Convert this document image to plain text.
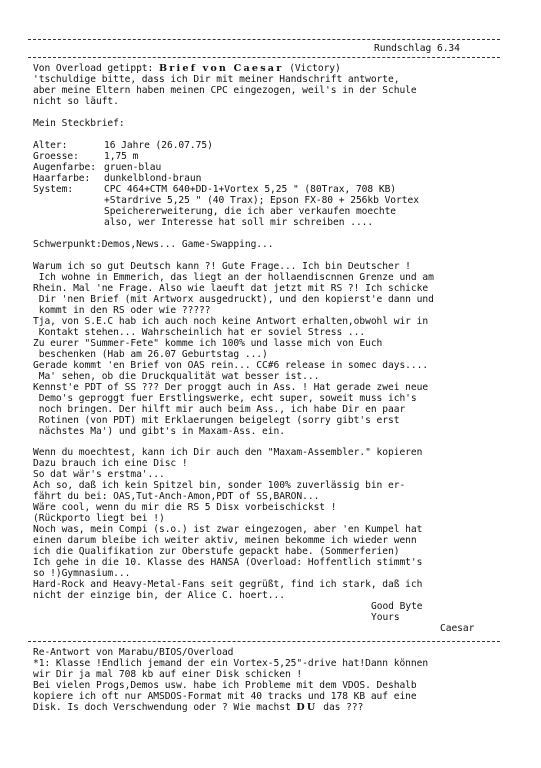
Rundschlag 6.34
Von Overload getippt: Brief von Caesar (Victory)
'tschuldige bitte, dass ich Dir mit meiner Handschrift antworte,
aber meine Eltern haben meinen CPC eingezogen, weil's in der Schule
nicht so läuft.
Mein Steckbrief:
Alter:	16 Jahre (26.07.75)
Groesse:	1,75 m
Augenfarbe: gruen-blau
Haarfarbe: dunkelblond-braun
System:	CPC 464+CTM 640+DD-1+Vortex 5,25 " (80Trax, 708 KB)
+Stardrive 5,25 " (40 Trax); Epson FX-80 + 256kb Vortex
Speichererweiterung, die ich aber verkaufen moechte
also, wer Interesse hat soll mir schreiben ....
Schwerpunkt:Demos,News... Game-Swapping...
Warum ich so gut Deutsch kann ?! Gute Frage... Ich bin Deutscher !
Ich wohne in Emmerich, das liegt an der hollaendiscnnen Grenze und am
Rhein. Mal 'ne Frage. Also wie laeuft dat jetzt mit RS ?! Ich schicke
Dir 'nen Brief (mit Artworx ausgedruckt), und den kopierst'e dann und
kommt in den RS oder wie ?????
Tja, von S.E.C hab ich auch noch keine Antwort erhalten,obwohl wir in
Kontakt stehen... Wahrscheinlich hat er soviel Stress ...
Zu eurer "Summer-Fete" komme ich 100% und lasse mich von Euch
beschenken (Hab am 26.07 Geburtstag ...)
Gerade kommt 'en Brief von OAS rein... CC#6 release in somec days....
Ma' sehen, ob die Druckqualität wat besser ist...
Kennst'e PDT of SS ??? Der proggt auch in Ass. ! Hat gerade zwei neue
Demo's geproggt fuer Erstlingswerke, echt super, soweit muss ich's
noch bringen. Der hilft mir auch beim Ass., ich habe Dir en paar
Rotinen (von PDT) mit Erklaerungen beigelegt (sorry gibt's erst
nächstes Ma') und gibt's in Maxam-Ass. ein.
Wenn du moechtest, kann ich Dir auch den "Maxam-Assembler." kopieren
Dazu brauch ich eine Disc !
So dat wär's erstma'...
Ach so, daß ich kein Spitzel bin, sonder 100% zuverlässig bin er-
fährt du bei: OAS,Tut-Anch-Amon,PDT of SS,BARON...
Wäre cool, wenn du mir die RS 5 Disx vorbeischickst !
(Rückporto liegt bei !)
Noch was, mein Compi (s.o.) ist zwar eingezogen, aber 'en Kumpel hat
einen darum bleibe ich weiter aktiv, meinen bekomme ich wieder wenn
ich die Qualifikation zur Oberstufe gepackt habe. (Sommerferien)
Ich gehe in die 10. Klasse des HANSA (Overload: Hoffentlich stimmt's
so !)Gymnasium...
Hard-Rock and Heavy-Metal-Fans seit gegrüßt, find ich stark, daß ich
nicht der einzige bin, der Alice C. hoert...
Good Byte
Yours
Caesar
Re-Antwort von Marabu/BIOS/Overload
*1: Klasse !Endlich jemand der ein Vortex-5,25"-drive hat!Dann können
wir Dir ja mal 708 kb auf einer Disk schicken !
Bei vielen Progs,Demos usw. habe ich Probleme mit dem VDOS. Deshalb
kopiere ich oft nur AMSDOS-Format mit 40 tracks und 178 KB auf eine
Disk. Is doch Verschwendung oder ? Wie machst DU das ???
